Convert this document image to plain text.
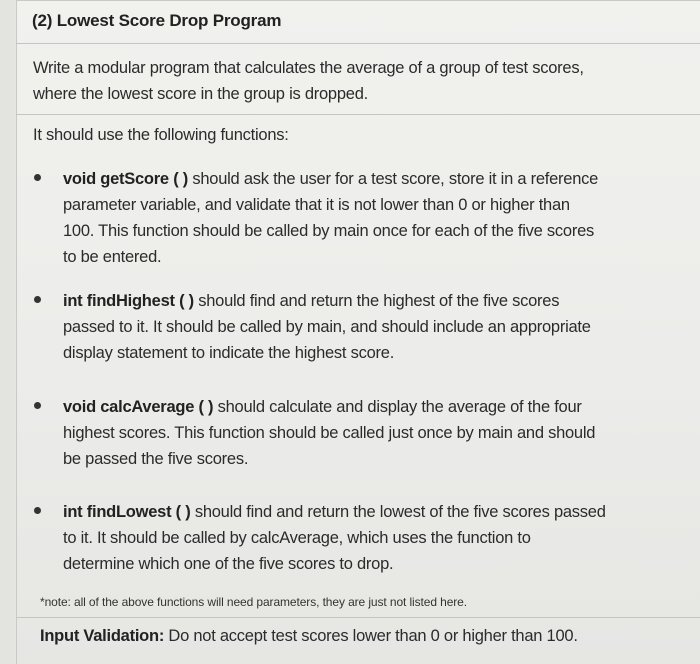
(2) Lowest Score Drop Program
Write a modular program that calculates the average of a group of test scores,
where the lowest score in the group is dropped.
It should use the following functions:
void getScore ( ) should ask the user for a test score, store it in a reference
parameter variable, and validate that it is not lower than 0 or higher than
100. This function should be called by main once for each of the five scores
to be entered.
int findHighest ( ) should find and return the highest of the five scores
passed to it. It should be called by main, and should include an appropriate
display statement to indicate the highest score.
void calcAverage ( ) should calculate and display the average of the four
highest scores. This function should be called just once by main and should
be passed the five scores.
int findLowest ( ) should find and return the lowest of the five scores passed
to it. It should be called by calcAverage, which uses the function to
determine which one of the five scores to drop.
*note: all of the above functions will need parameters, they are just not listed here.
Input Validation: Do not accept test scores lower than 0 or higher than 100.
